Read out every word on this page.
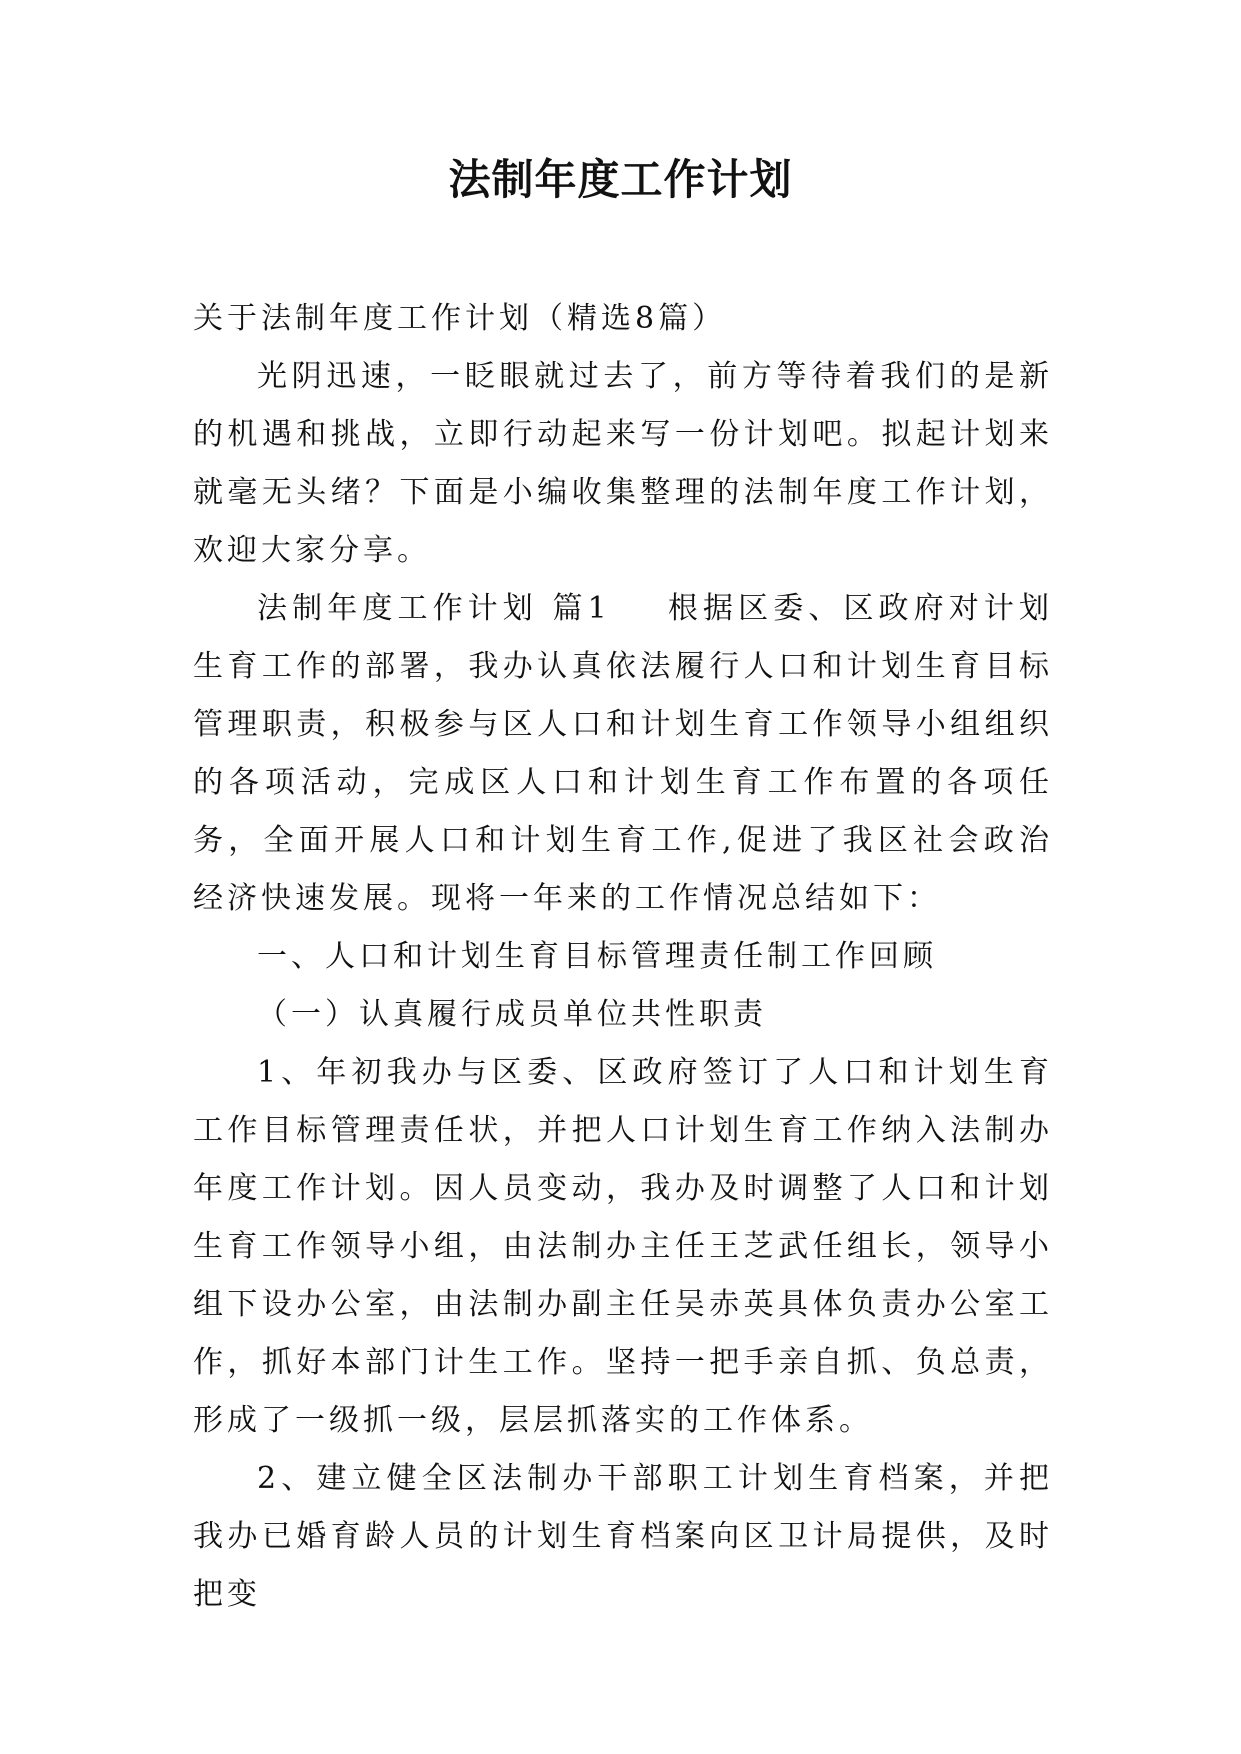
法制年度工作计划

关于法制年度工作计划（精选8篇）

光阴迅速，一眨眼就过去了，前方等待着我们的是新的机遇和挑战，立即行动起来写一份计划吧。拟起计划来就毫无头绪？下面是小编收集整理的法制年度工作计划，欢迎大家分享。

法制年度工作计划 篇1 根据区委、区政府对计划生育工作的部署，我办认真依法履行人口和计划生育目标管理职责，积极参与区人口和计划生育工作领导小组组织的各项活动，完成区人口和计划生育工作布置的各项任务，全面开展人口和计划生育工作,促进了我区社会政治经济快速发展。现将一年来的工作情况总结如下：

一、人口和计划生育目标管理责任制工作回顾

（一）认真履行成员单位共性职责

1、年初我办与区委、区政府签订了人口和计划生育工作目标管理责任状，并把人口计划生育工作纳入法制办年度工作计划。因人员变动，我办及时调整了人口和计划生育工作领导小组，由法制办主任王芝武任组长，领导小组下设办公室，由法制办副主任吴赤英具体负责办公室工作，抓好本部门计生工作。坚持一把手亲自抓、负总责，形成了一级抓一级，层层抓落实的工作体系。

2、建立健全区法制办干部职工计划生育档案，并把我办已婚育龄人员的计划生育档案向区卫计局提供，及时把变
